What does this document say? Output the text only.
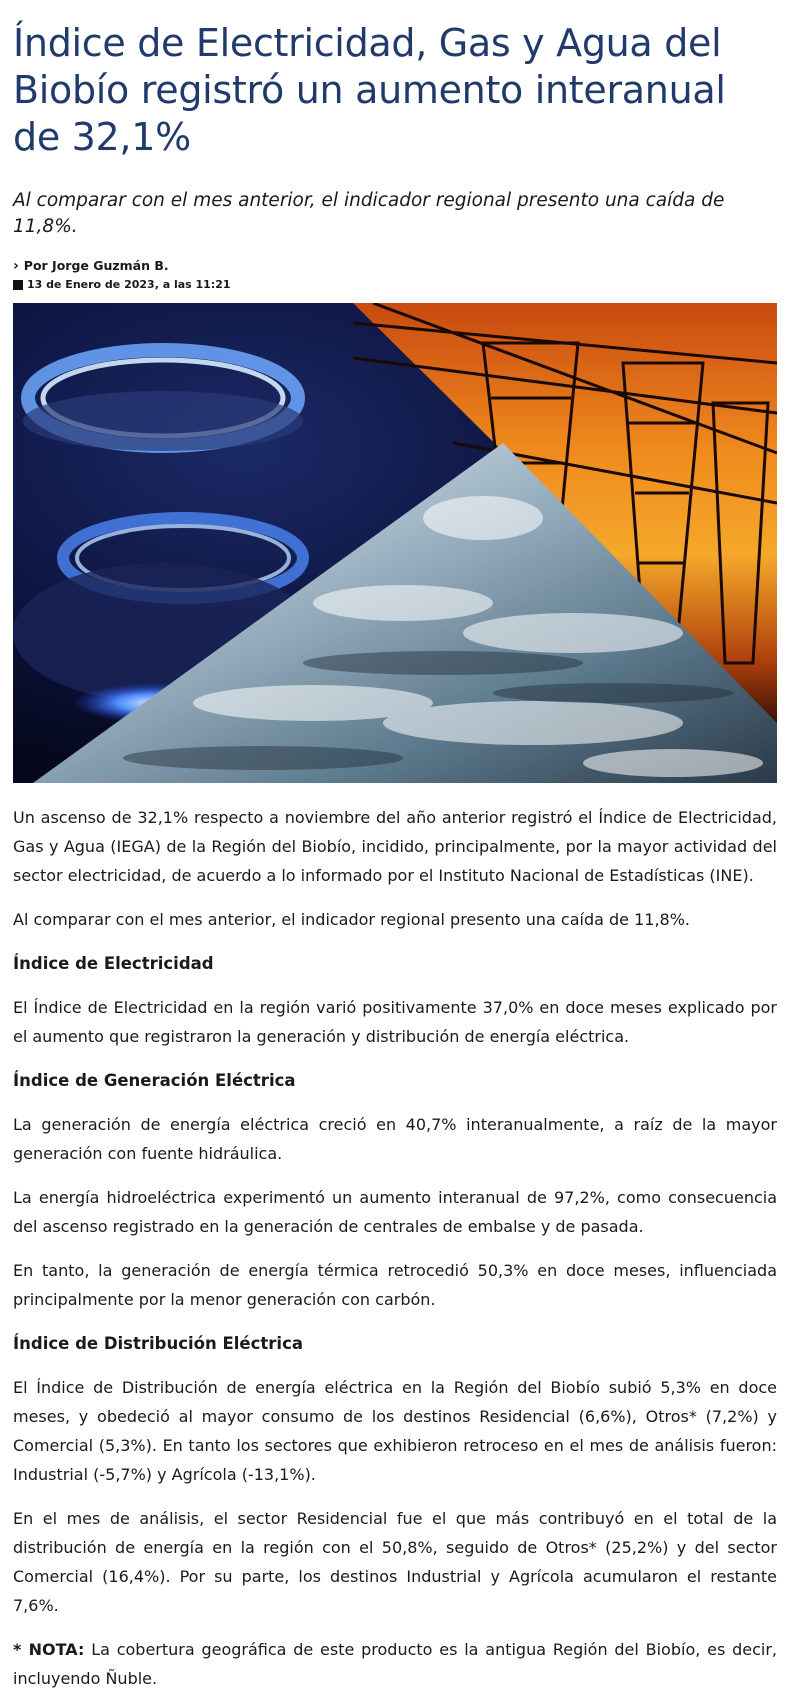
Índice de Electricidad, Gas y Agua del Biobío registró un aumento interanual de 32,1%

Al comparar con el mes anterior, el indicador regional presento una caída de 11,8%.

› Por Jorge Guzmán B.
13 de Enero de 2023, a las 11:21

Un ascenso de 32,1% respecto a noviembre del año anterior registró el Índice de Electricidad, Gas y Agua (IEGA) de la Región del Biobío, incidido, principalmente, por la mayor actividad del sector electricidad, de acuerdo a lo informado por el Instituto Nacional de Estadísticas (INE).

Al comparar con el mes anterior, el indicador regional presento una caída de 11,8%.

Índice de Electricidad

El Índice de Electricidad en la región varió positivamente 37,0% en doce meses explicado por el aumento que registraron la generación y distribución de energía eléctrica.

Índice de Generación Eléctrica

La generación de energía eléctrica creció en 40,7% interanualmente, a raíz de la mayor generación con fuente hidráulica.

La energía hidroeléctrica experimentó un aumento interanual de 97,2%, como consecuencia del ascenso registrado en la generación de centrales de embalse y de pasada.

En tanto, la generación de energía térmica retrocedió 50,3% en doce meses, influenciada principalmente por la menor generación con carbón.

Índice de Distribución Eléctrica

El Índice de Distribución de energía eléctrica en la Región del Biobío subió 5,3% en doce meses, y obedeció al mayor consumo de los destinos Residencial (6,6%), Otros* (7,2%) y Comercial (5,3%). En tanto los sectores que exhibieron retroceso en el mes de análisis fueron: Industrial (-5,7%) y Agrícola (-13,1%).

En el mes de análisis, el sector Residencial fue el que más contribuyó en el total de la distribución de energía en la región con el 50,8%, seguido de Otros* (25,2%) y del sector Comercial (16,4%). Por su parte, los destinos Industrial y Agrícola acumularon el restante 7,6%.

* NOTA: La cobertura geográfica de este producto es la antigua Región del Biobío, es decir, incluyendo Ñuble.
